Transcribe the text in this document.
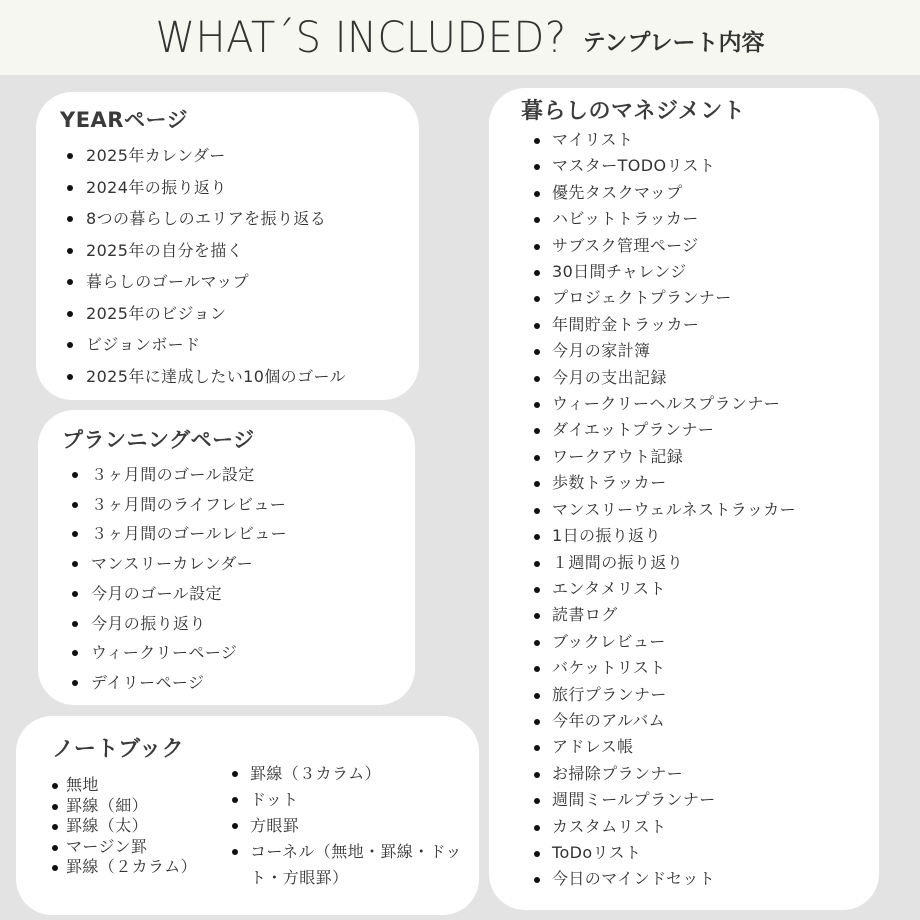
WHAT´S INCLUDED? テンプレート内容
YEARページ
2025年カレンダー
2024年の振り返り
8つの暮らしのエリアを振り返る
2025年の自分を描く
暮らしのゴールマップ
2025年のビジョン
ビジョンボード
2025年に達成したい10個のゴール
プランニングページ
３ヶ月間のゴール設定
３ヶ月間のライフレビュー
３ヶ月間のゴールレビュー
マンスリーカレンダー
今月のゴール設定
今月の振り返り
ウィークリーページ
デイリーページ
ノートブック
無地
罫線（細）
罫線（太）
マージン罫
罫線（２カラム）
罫線（３カラム）
ドット
方眼罫
コーネル（無地・罫線・ドット・方眼罫）
暮らしのマネジメント
マイリスト
マスターTODOリスト
優先タスクマップ
ハビットトラッカー
サブスク管理ページ
30日間チャレンジ
プロジェクトプランナー
年間貯金トラッカー
今月の家計簿
今月の支出記録
ウィークリーヘルスプランナー
ダイエットプランナー
ワークアウト記録
歩数トラッカー
マンスリーウェルネストラッカー
1日の振り返り
１週間の振り返り
エンタメリスト
読書ログ
ブックレビュー
バケットリスト
旅行プランナー
今年のアルバム
アドレス帳
お掃除プランナー
週間ミールプランナー
カスタムリスト
ToDoリスト
今日のマインドセット
